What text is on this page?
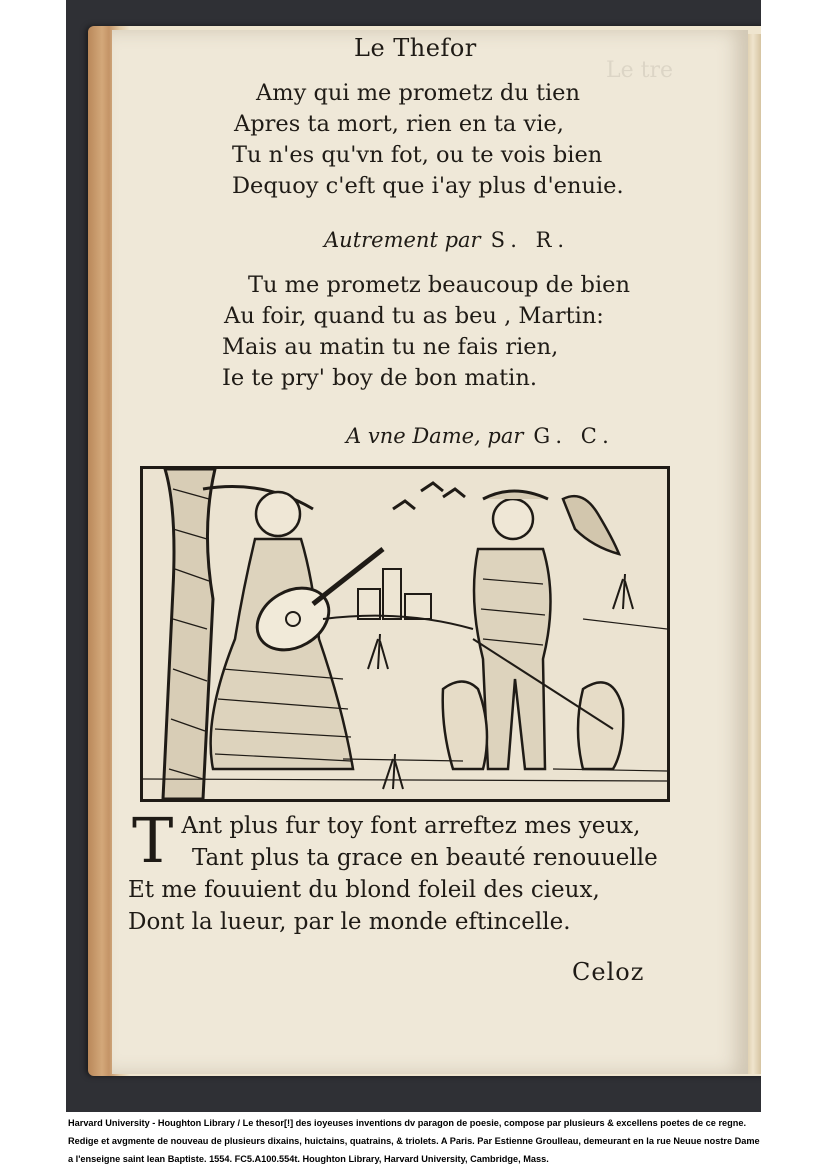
Le tre
Le Thefor
Amy qui me prometz du tien
Apres ta mort, rien en ta vie,
Tu n'es qu'vn fot, ou te vois bien
Dequoy c'eft que i'ay plus d'enuie.
Autrement par S. R.
Tu me prometz beaucoup de bien
Au foir, quand tu as beu , Martin:
Mais au matin tu ne fais rien,
Ie te pry' boy de bon matin.
A vne Dame, par G. C.
T Ant plus fur toy font arreftez mes yeux,
Tant plus ta grace en beauté renouuelle
Et me fouuient du blond foleil des cieux,
Dont la lueur, par le monde eftincelle.
Celoz
Harvard University - Houghton Library / Le thesor[!] des ioyeuses inventions dv paragon de poesie, compose par plusieurs & excellens poetes de ce regne. Redige et avgmente de nouveau de plusieurs dixains, huictains, quatrains, & triolets. A Paris. Par Estienne Groulleau, demeurant en la rue Neuue nostre Dame a l'enseigne saint Iean Baptiste. 1554. FC5.A100.554t. Houghton Library, Harvard University, Cambridge, Mass.
